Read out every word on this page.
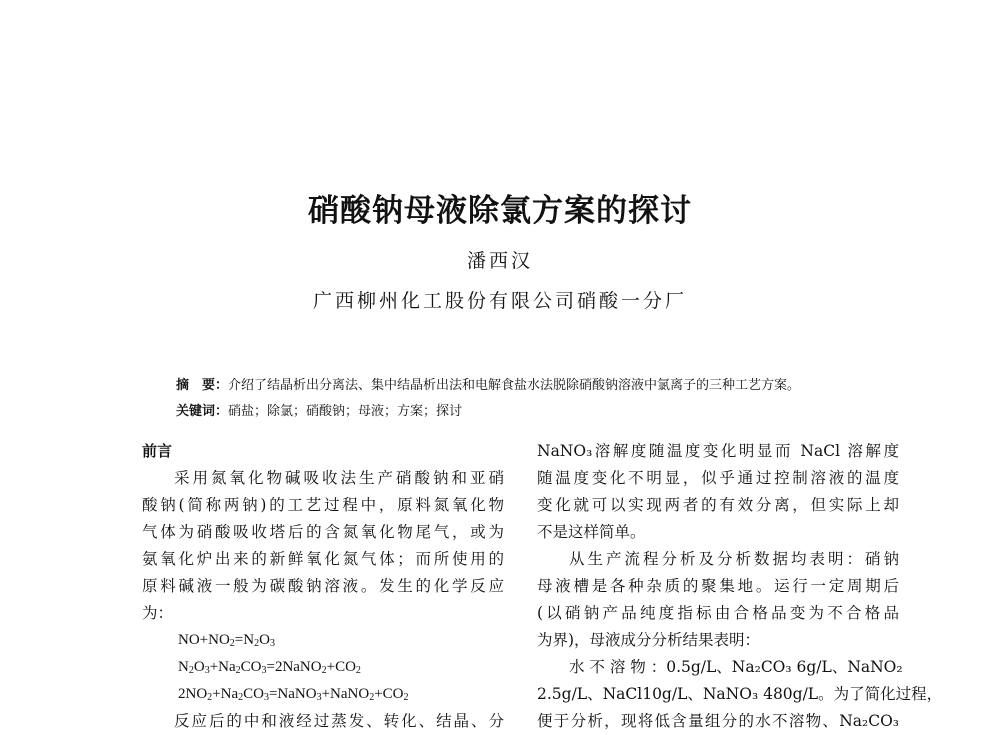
硝酸钠母液除氯方案的探讨
潘西汉
广西柳州化工股份有限公司硝酸一分厂
摘　要：介绍了结晶析出分离法、集中结晶析出法和电解食盐水法脱除硝酸钠溶液中氯离子的三种工艺方案。
关键词：硝盐；除氯；硝酸钠；母液；方案；探讨
前言
采用氮氧化物碱吸收法生产硝酸钠和亚硝
酸钠(简称两钠)的工艺过程中，原料氮氧化物
气体为硝酸吸收塔后的含氮氧化物尾气，或为
氨氧化炉出来的新鲜氧化氮气体；而所使用的
原料碱液一般为碳酸钠溶液。发生的化学反应
为：
$NO+NO_2=N_2O_3$
$N_2O_3+Na_2CO_3=2NaNO_2+CO_2$
$2NO_2+Na_2CO_3=NaNO_3+NaNO_2+CO_2$
反应后的中和液经过蒸发、转化、结晶、分
NaNO₃溶解度随温度变化明显而 NaCl 溶解度
随温度变化不明显，似乎通过控制溶液的温度
变化就可以实现两者的有效分离，但实际上却
不是这样简单。
从生产流程分析及分析数据均表明：硝钠
母液槽是各种杂质的聚集地。运行一定周期后
(以硝钠产品纯度指标由合格品变为不合格品
为界)，母液成分分析结果表明：
水 不 溶 物 ：0.5g/L、Na₂CO₃ 6g/L、NaNO₂
2.5g/L、NaCl10g/L、NaNO₃ 480g/L。为了简化过程，
便于分析，现将低含量组分的水不溶物、Na₂CO₃
